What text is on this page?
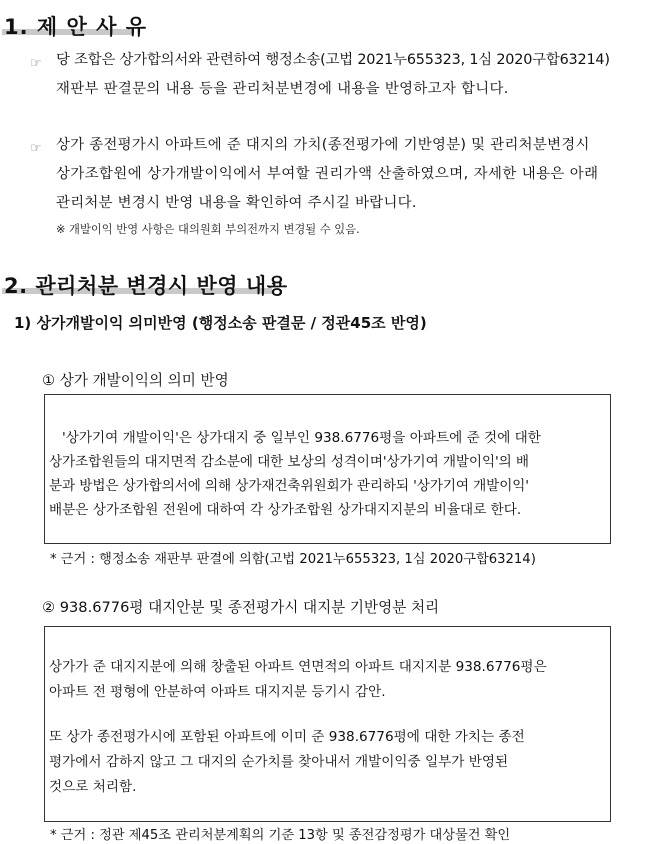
1. 제 안 사 유
☞ 당 조합은 상가합의서와 관련하여 행정소송(고법 2021누655323, 1심 2020구합63214)
재판부 판결문의 내용 등을 관리처분변경에 내용을 반영하고자 합니다.
☞ 상가 종전평가시 아파트에 준 대지의 가치(종전평가에 기반영분) 및 관리처분변경시
상가조합원에 상가개발이익에서 부여할 권리가액 산출하였으며, 자세한 내용은 아래
관리처분 변경시 반영 내용을 확인하여 주시길 바랍니다.
※ 개발이익 반영 사항은 대의원회 부의전까지 변경될 수 있음.
2. 관리처분 변경시 반영 내용
1) 상가개발이익 의미반영 (행정소송 판결문 / 정관45조 반영)
① 상가 개발이익의 의미 반영
'상가기여 개발이익'은 상가대지 중 일부인 938.6776평을 아파트에 준 것에 대한
상가조합원들의 대지면적 감소분에 대한 보상의 성격이며'상가기여 개발이익'의 배
분과 방법은 상가합의서에 의해 상가재건축위원회가 관리하되 '상가기여 개발이익'
배분은 상가조합원 전원에 대하여 각 상가조합원 상가대지지분의 비율대로 한다.
* 근거 : 행정소송 재판부 판결에 의함(고법 2021누655323, 1심 2020구합63214)
② 938.6776평 대지안분 및 종전평가시 대지분 기반영분 처리
상가가 준 대지지분에 의해 창출된 아파트 연면적의 아파트 대지지분 938.6776평은
아파트 전 평형에 안분하여 아파트 대지지분 등기시 감안.
또 상가 종전평가시에 포함된 아파트에 이미 준 938.6776평에 대한 가치는 종전
평가에서 감하지 않고 그 대지의 순가치를 찾아내서 개발이익중 일부가 반영된
것으로 처리함.
* 근거 : 정관 제45조 관리처분계획의 기준 13항 및 종전감정평가 대상물건 확인
